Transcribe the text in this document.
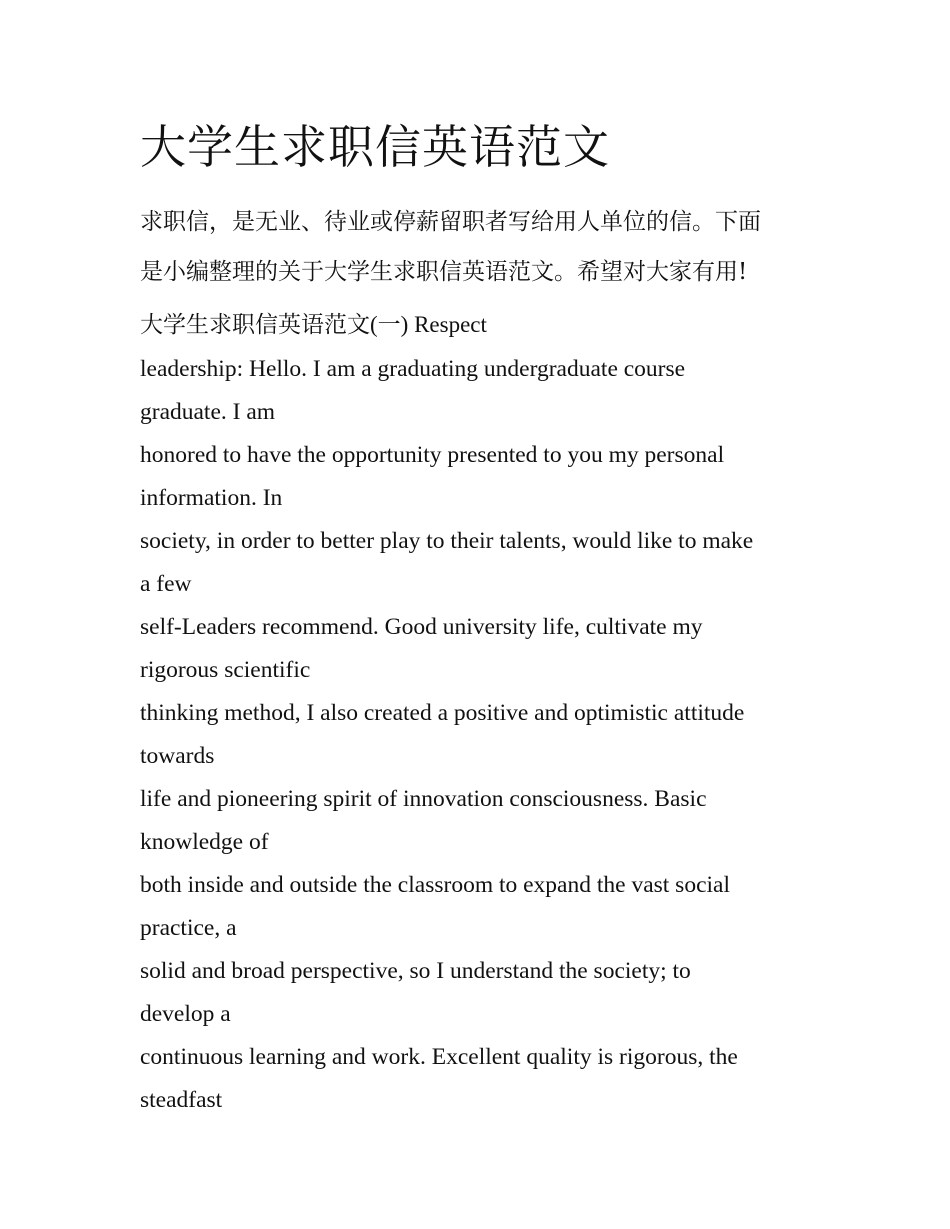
大学生求职信英语范文

求职信，是无业、待业或停薪留职者写给用人单位的信。下面
是小编整理的关于大学生求职信英语范文。希望对大家有用!

大学生求职信英语范文(一) Respect

leadership: Hello. I am a graduating undergraduate course
graduate. I am
honored to have the opportunity presented to you my personal
information. In
society, in order to better play to their talents, would like to make
a few
self-Leaders recommend. Good university life, cultivate my
rigorous scientific
thinking method, I also created a positive and optimistic attitude
towards
life and pioneering spirit of innovation consciousness. Basic
knowledge of
both inside and outside the classroom to expand the vast social
practice, a
solid and broad perspective, so I understand the society; to
develop a
continuous learning and work. Excellent quality is rigorous, the
steadfast
